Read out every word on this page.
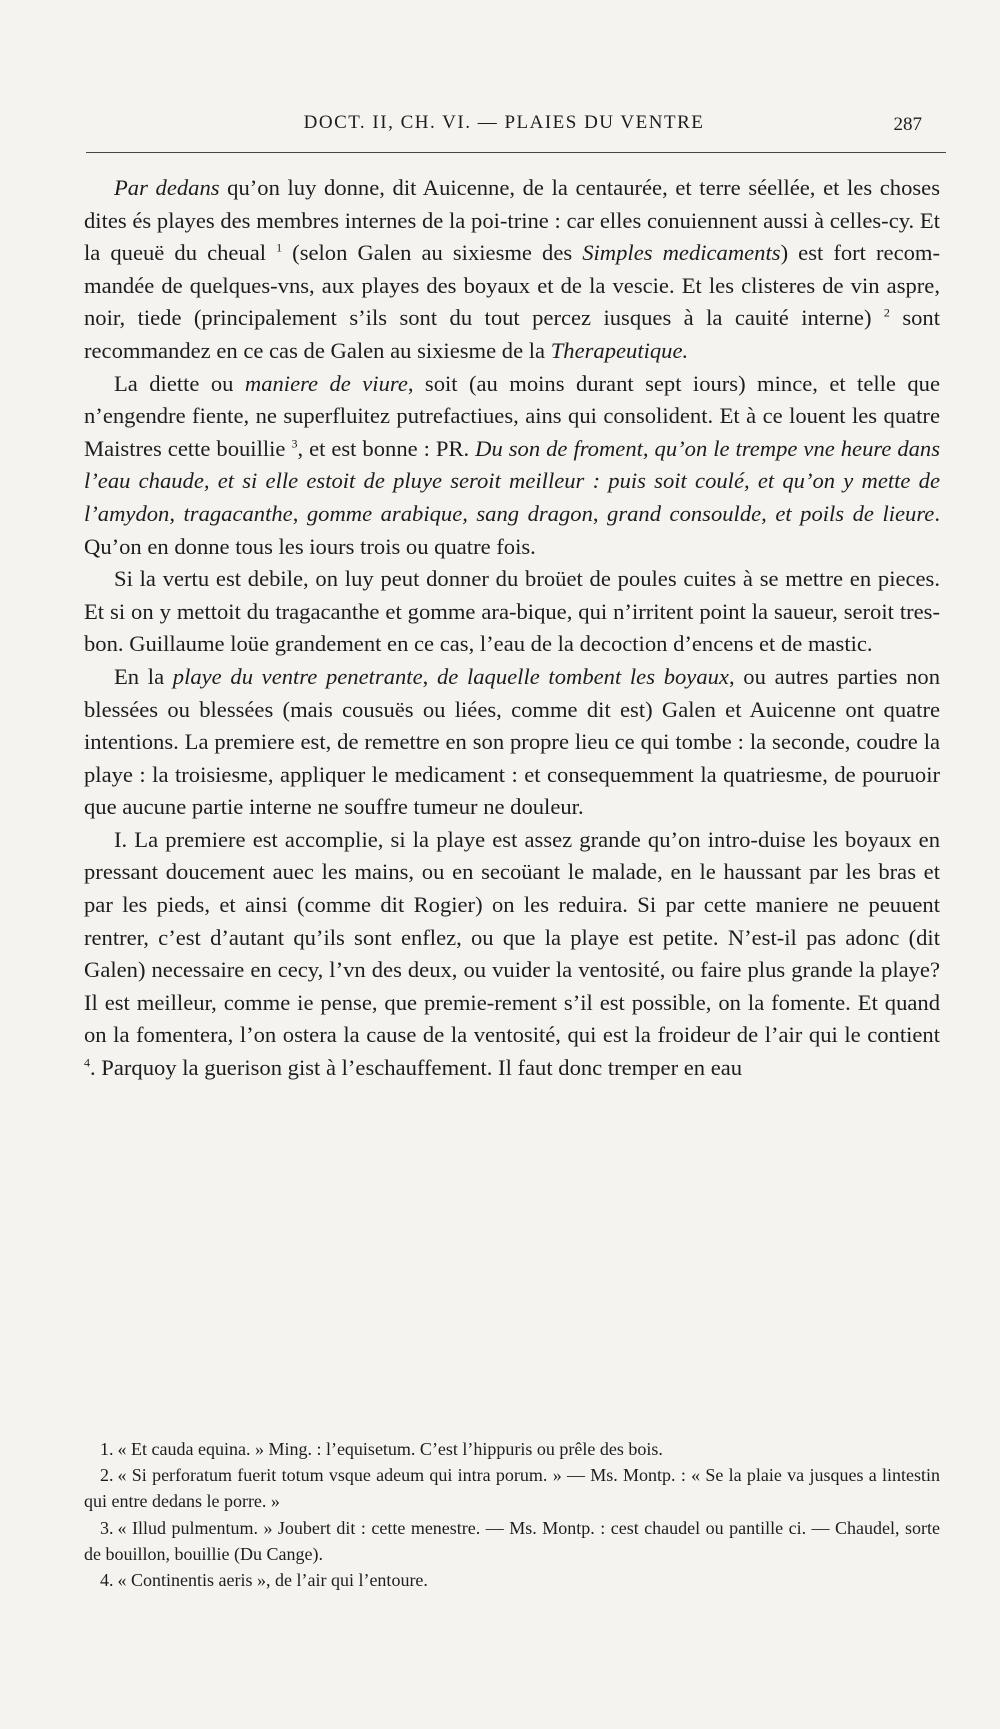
DOCT. II, CH. VI. — PLAIES DU VENTRE	287

Par dedans qu’on luy donne, dit Auicenne, de la centaurée, et terre séellée, et les choses dites és playes des membres internes de la poi-trine : car elles conuiennent aussi à celles-cy. Et la queuë du cheual $^1$ (selon Galen au sixiesme des Simples medicaments) est fort recom-mandée de quelques-vns, aux playes des boyaux et de la vescie. Et les clisteres de vin aspre, noir, tiede (principalement s’ils sont du tout percez iusques à la cauité interne) $^2$ sont recommandez en ce cas de Galen au sixiesme de la Therapeutique.

La diette ou maniere de viure, soit (au moins durant sept iours) mince, et telle que n’engendre fiente, ne superfluitez putrefactiues, ains qui consolident. Et à ce louent les quatre Maistres cette bouillie $^3$, et est bonne : PR. Du son de froment, qu’on le trempe vne heure dans l’eau chaude, et si elle estoit de pluye seroit meilleur : puis soit coulé, et qu’on y mette de l’amydon, tragacanthe, gomme arabique, sang dragon, grand consoulde, et poils de lieure. Qu’on en donne tous les iours trois ou quatre fois.

Si la vertu est debile, on luy peut donner du broüet de poules cuites à se mettre en pieces. Et si on y mettoit du tragacanthe et gomme ara-bique, qui n’irritent point la saueur, seroit tres-bon. Guillaume loüe grandement en ce cas, l’eau de la decoction d’encens et de mastic.

En la playe du ventre penetrante, de laquelle tombent les boyaux, ou autres parties non blessées ou blessées (mais cousuës ou liées, comme dit est) Galen et Auicenne ont quatre intentions. La premiere est, de remettre en son propre lieu ce qui tombe : la seconde, coudre la playe : la troisiesme, appliquer le medicament : et consequemment la quatriesme, de pouruoir que aucune partie interne ne souffre tumeur ne douleur.

I. La premiere est accomplie, si la playe est assez grande qu’on intro-duise les boyaux en pressant doucement auec les mains, ou en secoüant le malade, en le haussant par les bras et par les pieds, et ainsi (comme dit Rogier) on les reduira. Si par cette maniere ne peuuent rentrer, c’est d’autant qu’ils sont enflez, ou que la playe est petite. N’est-il pas adonc (dit Galen) necessaire en cecy, l’vn des deux, ou vuider la ventosité, ou faire plus grande la playe? Il est meilleur, comme ie pense, que premie-rement s’il est possible, on la fomente. Et quand on la fomentera, l’on ostera la cause de la ventosité, qui est la froideur de l’air qui le contient $^4$. Parquoy la guerison gist à l’eschauffement. Il faut donc tremper en eau

1. « Et cauda equina. » Ming. : l’equisetum. C’est l’hippuris ou prêle des bois.

2. « Si perforatum fuerit totum vsque adeum qui intra porum. » — Ms. Montp. : « Se la plaie va jusques a lintestin qui entre dedans le porre. »

3. « Illud pulmentum. » Joubert dit : cette menestre. — Ms. Montp. : cest chaudel ou pantille ci. — Chaudel, sorte de bouillon, bouillie (Du Cange).

4. « Continentis aeris », de l’air qui l’entoure.
